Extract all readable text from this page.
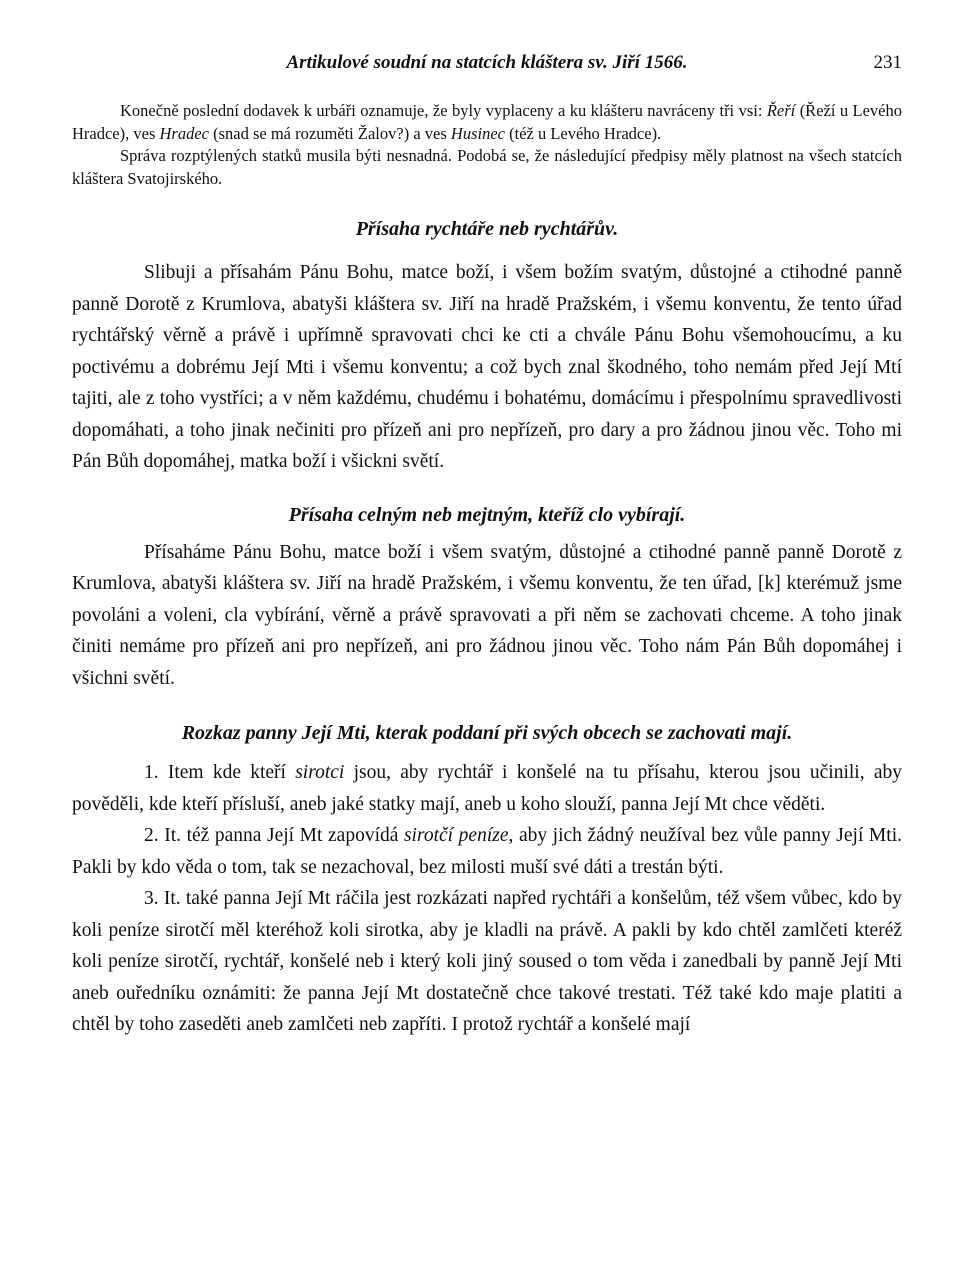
Artikulové soudní na statcích kláštera sv. Jiří 1566.	231

Konečně poslední dodavek k urbáři oznamuje, že byly vyplaceny a ku klášteru navráceny tři vsi: Řeří (Řeží u Levého Hradce), ves Hradec (snad se má rozuměti Žalov?) a ves Husinec (též u Levého Hradce).

Správa rozptýlených statků musila býti nesnadná. Podobá se, že následující předpisy měly platnost na všech statcích kláštera Svatojirského.

Přísaha rychtáře neb rychtářův.

Slibuji a přísahám Pánu Bohu, matce boží, i všem božím svatým, důstojné a ctihodné panně panně Dorotě z Krumlova, abatyši kláštera sv. Jiří na hradě Pražském, i všemu konventu, že tento úřad rychtářský věrně a právě i upřímně spravovati chci ke cti a chvále Pánu Bohu všemohoucímu, a ku poctivému a dobrému Její Mti i všemu konventu; a což bych znal škodného, toho nemám před Její Mtí tajiti, ale z toho vystříci; a v něm každému, chudému i bohatému, domácímu i přespolnímu spravedlivosti dopomáhati, a toho jinak nečiniti pro přízeň ani pro nepřízeň, pro dary a pro žádnou jinou věc. Toho mi Pán Bůh dopomáhej, matka boží i všickni světí.

Přísaha celným neb mejtným, kteříž clo vybírají.

Přísaháme Pánu Bohu, matce boží i všem svatým, důstojné a ctihodné panně panně Dorotě z Krumlova, abatyši kláštera sv. Jiří na hradě Pražském, i všemu konventu, že ten úřad, [k] kterémuž jsme povoláni a voleni, cla vybírání, věrně a právě spravovati a při něm se zachovati chceme. A toho jinak činiti nemáme pro přízeň ani pro nepřízeň, ani pro žádnou jinou věc. Toho nám Pán Bůh dopomáhej i všichni světí.

Rozkaz panny Její Mti, kterak poddaní při svých obcech se zachovati mají.

1. Item kde kteří sirotci jsou, aby rychtář i konšelé na tu přísahu, kterou jsou učinili, aby pověděli, kde kteří přísluší, aneb jaké statky mají, aneb u koho slouží, panna Její Mt chce věděti.

2. It. též panna Její Mt zapovídá sirotčí peníze, aby jich žádný neužíval bez vůle panny Její Mti. Pakli by kdo věda o tom, tak se nezachoval, bez milosti muší své dáti a trestán býti.

3. It. také panna Její Mt ráčila jest rozkázati napřed rychtáři a konšelům, též všem vůbec, kdo by koli peníze sirotčí měl kteréhož koli sirotka, aby je kladli na právě. A pakli by kdo chtěl zamlčeti kteréž koli peníze sirotčí, rychtář, konšelé neb i který koli jiný soused o tom věda i zanedbali by panně Její Mti aneb ouředníku oznámiti: že panna Její Mt dostatečně chce takové trestati. Též také kdo maje platiti a chtěl by toho zaseděti aneb zamlčeti neb zapříti. I protož rychtář a konšelé mají
